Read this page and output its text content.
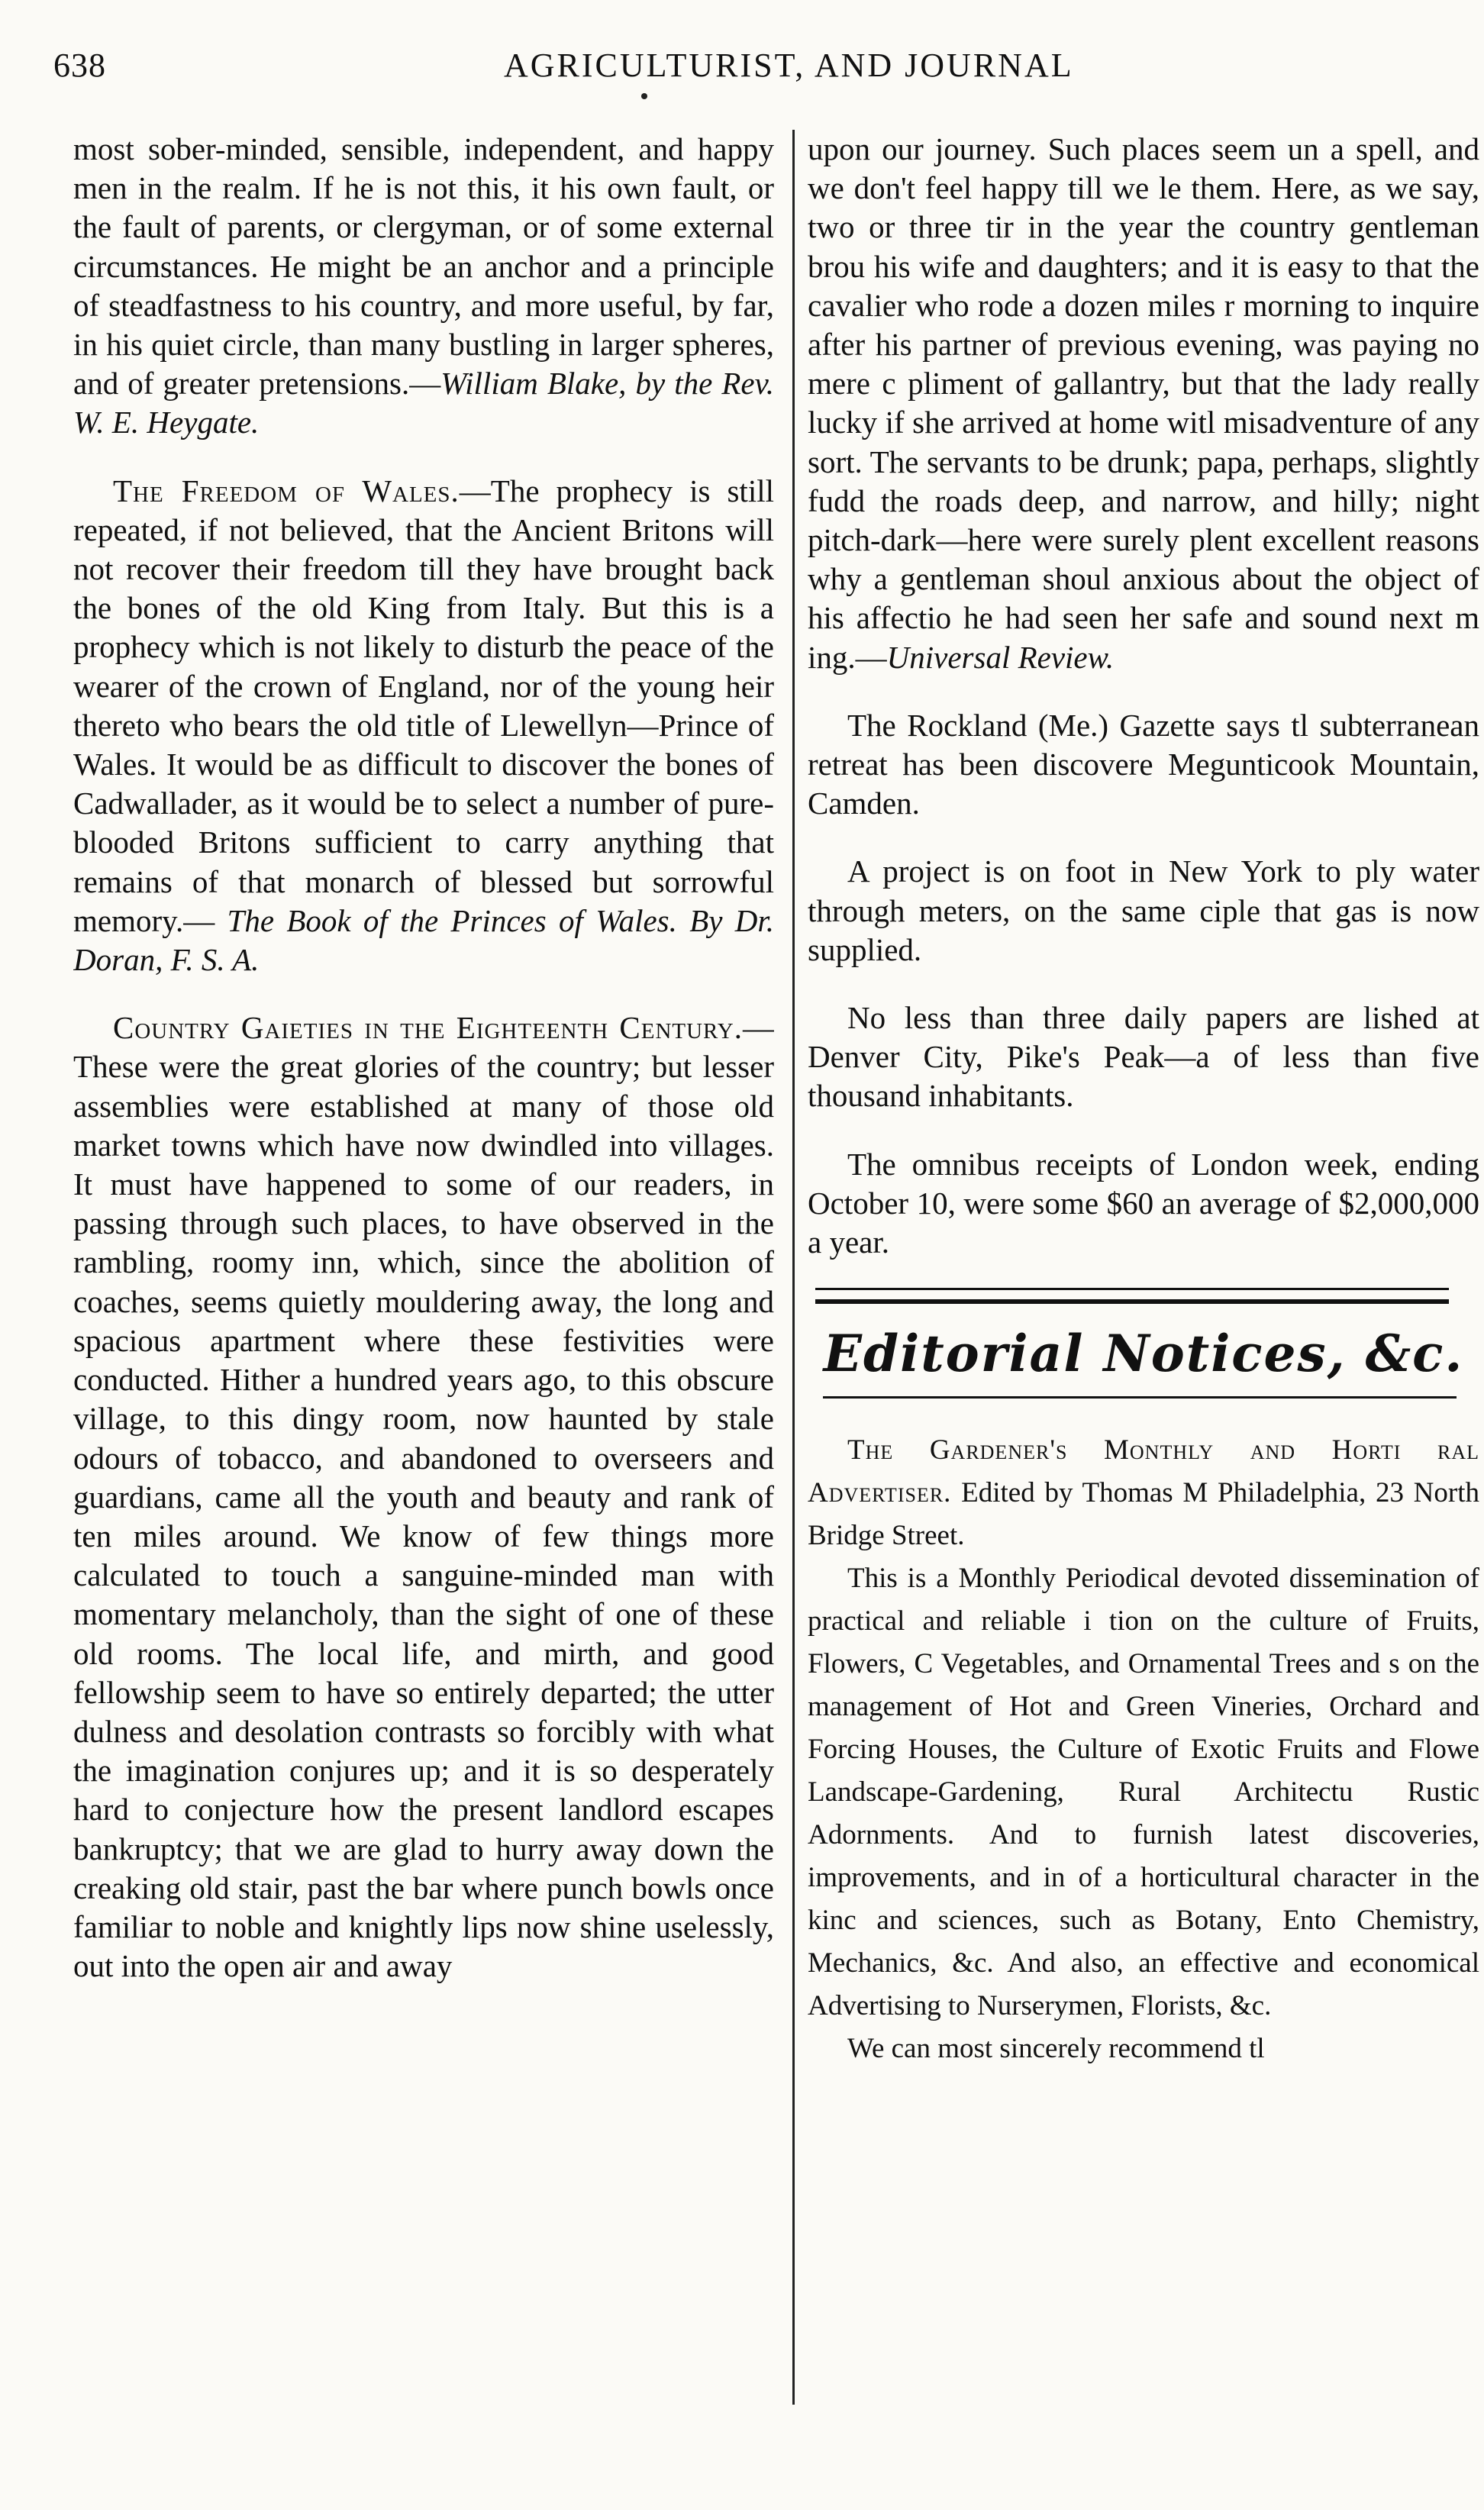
638	AGRICULTURIST, AND JOURNAL

most sober-minded, sensible, independent, and happy men in the realm. If he is not this, it his own fault, or the fault of parents, or clergyman, or of some external circumstances. He might be an anchor and a principle of steadfastness to his country, and more useful, by far, in his quiet circle, than many bustling in larger spheres, and of greater pretensions.—William Blake, by the Rev. W. E. Heygate.

The Freedom of Wales.—The prophecy is still repeated, if not believed, that the Ancient Britons will not recover their freedom till they have brought back the bones of the old King from Italy. But this is a prophecy which is not likely to disturb the peace of the wearer of the crown of England, nor of the young heir thereto who bears the old title of Llewellyn—Prince of Wales. It would be as difficult to discover the bones of Cadwallader, as it would be to select a number of pure-blooded Britons sufficient to carry anything that remains of that monarch of blessed but sorrowful memory.— The Book of the Princes of Wales. By Dr. Doran, F. S. A.

Country Gaieties in the Eighteenth Century.—These were the great glories of the country; but lesser assemblies were established at many of those old market towns which have now dwindled into villages. It must have happened to some of our readers, in passing through such places, to have observed in the rambling, roomy inn, which, since the abolition of coaches, seems quietly mouldering away, the long and spacious apartment where these festivities were conducted. Hither a hundred years ago, to this obscure village, to this dingy room, now haunted by stale odours of tobacco, and abandoned to overseers and guardians, came all the youth and beauty and rank of ten miles around. We know of few things more calculated to touch a sanguine-minded man with momentary melancholy, than the sight of one of these old rooms. The local life, and mirth, and good fellowship seem to have so entirely departed; the utter dulness and desolation contrasts so forcibly with what the imagination conjures up; and it is so desperately hard to conjecture how the present landlord escapes bankruptcy; that we are glad to hurry away down the creaking old stair, past the bar where punch bowls once familiar to noble and knightly lips now shine uselessly, out into the open air and away

upon our journey. Such places seem un a spell, and we don't feel happy till we le them. Here, as we say, two or three tir in the year the country gentleman brou his wife and daughters; and it is easy to that the cavalier who rode a dozen miles r morning to inquire after his partner of previous evening, was paying no mere c pliment of gallantry, but that the lady really lucky if she arrived at home witl misadventure of any sort. The servants to be drunk; papa, perhaps, slightly fudd the roads deep, and narrow, and hilly; night pitch-dark—here were surely plent excellent reasons why a gentleman shoul anxious about the object of his affectio he had seen her safe and sound next m ing.—Universal Review.

The Rockland (Me.) Gazette says tl subterranean retreat has been discovere Megunticook Mountain, Camden.

A project is on foot in New York to ply water through meters, on the same ciple that gas is now supplied.

No less than three daily papers are lished at Denver City, Pike's Peak—a of less than five thousand inhabitants.

The omnibus receipts of London week, ending October 10, were some $60 an average of $2,000,000 a year.

Editorial Notices, &c.

The Gardener's Monthly and Horti ral Advertiser. Edited by Thomas M Philadelphia, 23 North Bridge Street.

This is a Monthly Periodical devoted dissemination of practical and reliable i tion on the culture of Fruits, Flowers, C Vegetables, and Ornamental Trees and s on the management of Hot and Green Vineries, Orchard and Forcing Houses, the Culture of Exotic Fruits and Flowe Landscape-Gardening, Rural Architectu Rustic Adornments. And to furnish latest discoveries, improvements, and in of a horticultural character in the kinc and sciences, such as Botany, Ento Chemistry, Mechanics, &c. And also, an effective and economical Advertising to Nurserymen, Florists, &c.

We can most sincerely recommend tl
